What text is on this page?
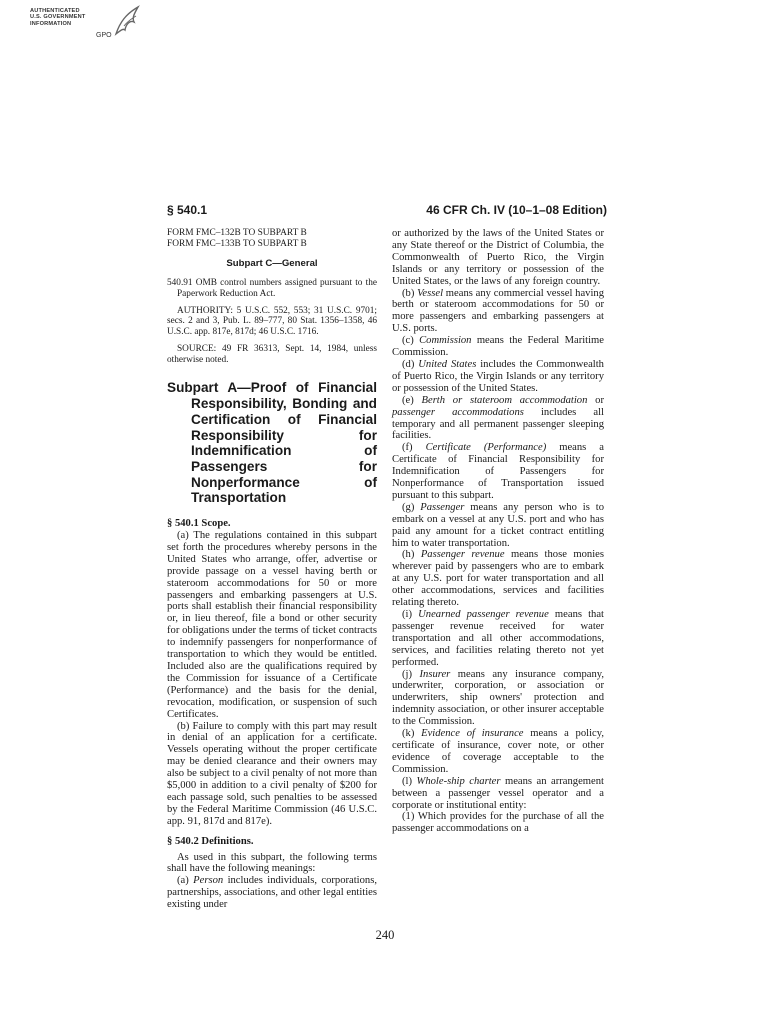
AUTHENTICATED
U.S. GOVERNMENT
INFORMATION
GPO
§ 540.1	46 CFR Ch. IV (10–1–08 Edition)

FORM FMC–132B TO SUBPART B

FORM FMC–133B TO SUBPART B

Subpart C—General

540.91 OMB control numbers assigned pursuant to the Paperwork Reduction Act.

AUTHORITY: 5 U.S.C. 552, 553; 31 U.S.C. 9701; secs. 2 and 3, Pub. L. 89–777, 80 Stat. 1356–1358, 46 U.S.C. app. 817e, 817d; 46 U.S.C. 1716.

SOURCE: 49 FR 36313, Sept. 14, 1984, unless otherwise noted.

Subpart A—Proof of Financial Responsibility, Bonding and Certification of Financial Responsibility for Indemnification of Passengers for Nonperformance of Transportation

§ 540.1 Scope.

(a) The regulations contained in this subpart set forth the procedures whereby persons in the United States who arrange, offer, advertise or provide passage on a vessel having berth or stateroom accommodations for 50 or more passengers and embarking passengers at U.S. ports shall establish their financial responsibility or, in lieu thereof, file a bond or other security for obligations under the terms of ticket contracts to indemnify passengers for nonperformance of transportation to which they would be entitled. Included also are the qualifications required by the Commission for issuance of a Certificate (Performance) and the basis for the denial, revocation, modification, or suspension of such Certificates.

(b) Failure to comply with this part may result in denial of an application for a certificate. Vessels operating without the proper certificate may be denied clearance and their owners may also be subject to a civil penalty of not more than $5,000 in addition to a civil penalty of $200 for each passage sold, such penalties to be assessed by the Federal Maritime Commission (46 U.S.C. app. 91, 817d and 817e).

§ 540.2 Definitions.

As used in this subpart, the following terms shall have the following meanings:

(a) Person includes individuals, corporations, partnerships, associations, and other legal entities existing under

or authorized by the laws of the United States or any State thereof or the District of Columbia, the Commonwealth of Puerto Rico, the Virgin Islands or any territory or possession of the United States, or the laws of any foreign country.

(b) Vessel means any commercial vessel having berth or stateroom accommodations for 50 or more passengers and embarking passengers at U.S. ports.

(c) Commission means the Federal Maritime Commission.

(d) United States includes the Commonwealth of Puerto Rico, the Virgin Islands or any territory or possession of the United States.

(e) Berth or stateroom accommodation or passenger accommodations includes all temporary and all permanent passenger sleeping facilities.

(f) Certificate (Performance) means a Certificate of Financial Responsibility for Indemnification of Passengers for Nonperformance of Transportation issued pursuant to this subpart.

(g) Passenger means any person who is to embark on a vessel at any U.S. port and who has paid any amount for a ticket contract entitling him to water transportation.

(h) Passenger revenue means those monies wherever paid by passengers who are to embark at any U.S. port for water transportation and all other accommodations, services and facilities relating thereto.

(i) Unearned passenger revenue means that passenger revenue received for water transportation and all other accommodations, services, and facilities relating thereto not yet performed.

(j) Insurer means any insurance company, underwriter, corporation, or association or underwriters, ship owners' protection and indemnity association, or other insurer acceptable to the Commission.

(k) Evidence of insurance means a policy, certificate of insurance, cover note, or other evidence of coverage acceptable to the Commission.

(l) Whole-ship charter means an arrangement between a passenger vessel operator and a corporate or institutional entity:

(1) Which provides for the purchase of all the passenger accommodations on a

240
